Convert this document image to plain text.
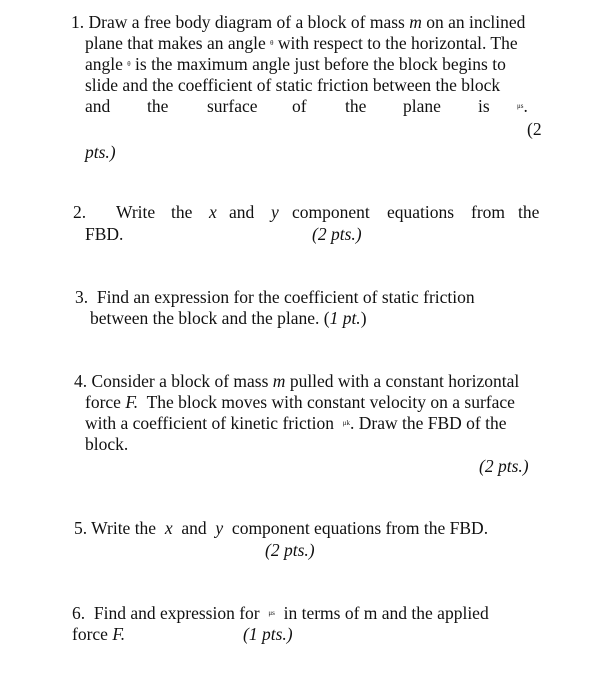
1. Draw a free body diagram of a block of mass m on an inclined
plane that makes an angle $^\theta$ with respect to the horizontal. The
angle $^\theta$ is the maximum angle just before the block begins to
slide and the coefficient of static friction between the block
and the surface of the plane is	$^{\mu s}$.
(2
pts.)
2. Write the x and y component equations from the
FBD.	(2 pts.)
3.  Find an expression for the coefficient of static friction
between the block and the plane. (1 pt.)
4. Consider a block of mass m pulled with a constant horizontal
force F. The block moves with constant velocity on a surface
with a coefficient of kinetic friction $^{\mu k}$. Draw the FBD of the
block.
(2 pts.)
5. Write the x and y component equations from the FBD.
(2 pts.)
6.  Find and expression for $^{\mu s}$ in terms of m and the applied
force F.	(1 pts.)
